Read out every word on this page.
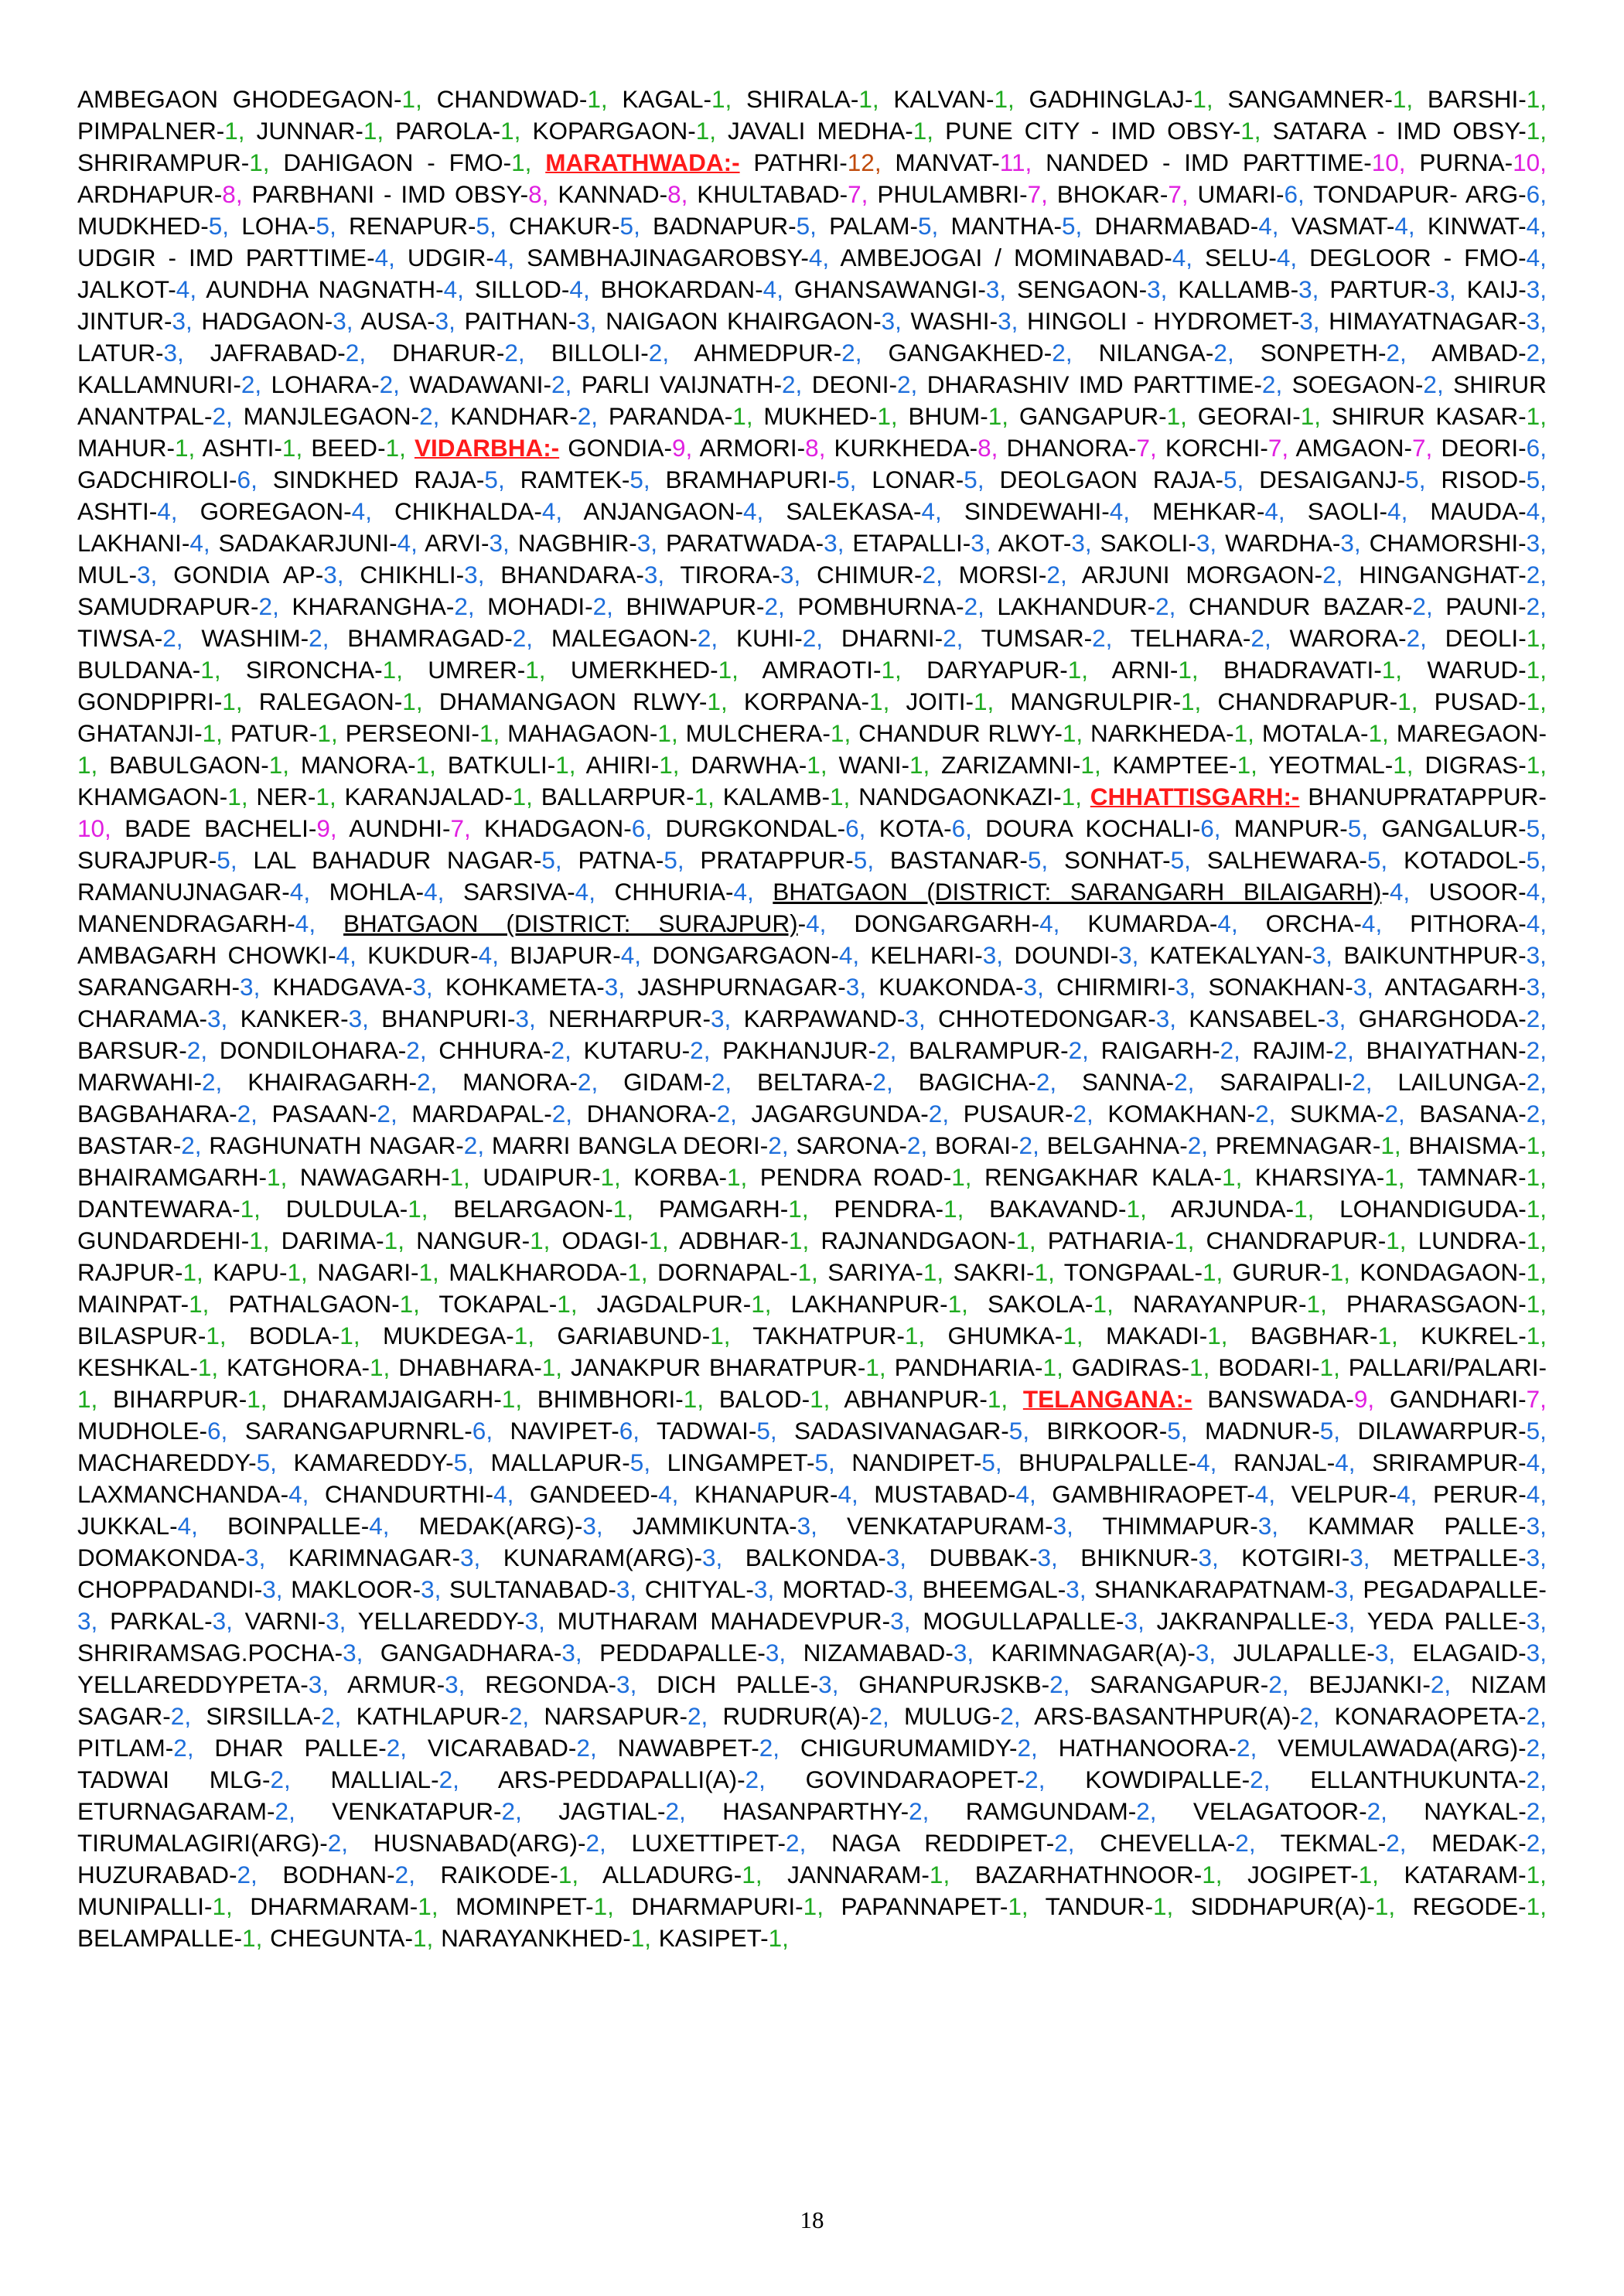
AMBEGAON GHODEGAON-1, CHANDWAD-1, KAGAL-1, SHIRALA-1, KALVAN-1, GADHINGLAJ-1, SANGAMNER-1, BARSHI-1, PIMPALNER-1, JUNNAR-1, PAROLA-1, KOPARGAON-1, JAVALI MEDHA-1, PUNE CITY - IMD OBSY-1, SATARA - IMD OBSY-1, SHRIRAMPUR-1, DAHIGAON - FMO-1, MARATHWADA:- PATHRI-12, MANVAT-11, NANDED - IMD PARTTIME-10, PURNA-10, ARDHAPUR-8, PARBHANI - IMD OBSY-8, KANNAD-8, KHULTABAD-7, PHULAMBRI-7, BHOKAR-7, UMARI-6, TONDAPUR- ARG-6, MUDKHED-5, LOHA-5, RENAPUR-5, CHAKUR-5, BADNAPUR-5, PALAM-5, MANTHA-5, DHARMABAD-4, VASMAT-4, KINWAT-4, UDGIR - IMD PARTTIME-4, UDGIR-4, SAMBHAJINAGAROBSY-4, AMBEJOGAI / MOMINABAD-4, SELU-4, DEGLOOR - FMO-4, JALKOT-4, AUNDHA NAGNATH-4, SILLOD-4, BHOKARDAN-4, GHANSAWANGI-3, SENGAON-3, KALLAMB-3, PARTUR-3, KAIJ-3, JINTUR-3, HADGAON-3, AUSA-3, PAITHAN-3, NAIGAON KHAIRGAON-3, WASHI-3, HINGOLI - HYDROMET-3, HIMAYATNAGAR-3, LATUR-3, JAFRABAD-2, DHARUR-2, BILLOLI-2, AHMEDPUR-2, GANGAKHED-2, NILANGA-2, SONPETH-2, AMBAD-2, KALLAMNURI-2, LOHARA-2, WADAWANI-2, PARLI VAIJNATH-2, DEONI-2, DHARASHIV IMD PARTTIME-2, SOEGAON-2, SHIRUR ANANTPAL-2, MANJLEGAON-2, KANDHAR-2, PARANDA-1, MUKHED-1, BHUM-1, GANGAPUR-1, GEORAI-1, SHIRUR KASAR-1, MAHUR-1, ASHTI-1, BEED-1, VIDARBHA:- GONDIA-9, ARMORI-8, KURKHEDA-8, DHANORA-7, KORCHI-7, AMGAON-7, DEORI-6, GADCHIROLI-6, SINDKHED RAJA-5, RAMTEK-5, BRAMHAPURI-5, LONAR-5, DEOLGAON RAJA-5, DESAIGANJ-5, RISOD-5, ASHTI-4, GOREGAON-4, CHIKHALDA-4, ANJANGAON-4, SALEKASA-4, SINDEWAHI-4, MEHKAR-4, SAOLI-4, MAUDA-4, LAKHANI-4, SADAKARJUNI-4, ARVI-3, NAGBHIR-3, PARATWADA-3, ETAPALLI-3, AKOT-3, SAKOLI-3, WARDHA-3, CHAMORSHI-3, MUL-3, GONDIA AP-3, CHIKHLI-3, BHANDARA-3, TIRORA-3, CHIMUR-2, MORSI-2, ARJUNI MORGAON-2, HINGANGHAT-2, SAMUDRAPUR-2, KHARANGHA-2, MOHADI-2, BHIWAPUR-2, POMBHURNA-2, LAKHANDUR-2, CHANDUR BAZAR-2, PAUNI-2, TIWSA-2, WASHIM-2, BHAMRAGAD-2, MALEGAON-2, KUHI-2, DHARNI-2, TUMSAR-2, TELHARA-2, WARORA-2, DEOLI-1, BULDANA-1, SIRONCHA-1, UMRER-1, UMERKHED-1, AMRAOTI-1, DARYAPUR-1, ARNI-1, BHADRAVATI-1, WARUD-1, GONDPIPRI-1, RALEGAON-1, DHAMANGAON RLWY-1, KORPANA-1, JOITI-1, MANGRULPIR-1, CHANDRAPUR-1, PUSAD-1, GHATANJI-1, PATUR-1, PERSEONI-1, MAHAGAON-1, MULCHERA-1, CHANDUR RLWY-1, NARKHEDA-1, MOTALA-1, MAREGAON-1, BABULGAON-1, MANORA-1, BATKULI-1, AHIRI-1, DARWHA-1, WANI-1, ZARIZAMNI-1, KAMPTEE-1, YEOTMAL-1, DIGRAS-1, KHAMGAON-1, NER-1, KARANJALAD-1, BALLARPUR-1, KALAMB-1, NANDGAONKAZI-1, CHHATTISGARH:- BHANUPRATAPPUR-10, BADE BACHELI-9, AUNDHI-7, KHADGAON-6, DURGKONDAL-6, KOTA-6, DOURA KOCHALI-6, MANPUR-5, GANGALUR-5, SURAJPUR-5, LAL BAHADUR NAGAR-5, PATNA-5, PRATAPPUR-5, BASTANAR-5, SONHAT-5, SALHEWARA-5, KOTADOL-5, RAMANUJNAGAR-4, MOHLA-4, SARSIVA-4, CHHURIA-4, BHATGAON (DISTRICT: SARANGARH BILAIGARH)-4, USOOR-4, MANENDRAGARH-4, BHATGAON (DISTRICT: SURAJPUR)-4, DONGARGARH-4, KUMARDA-4, ORCHA-4, PITHORA-4, AMBAGARH CHOWKI-4, KUKDUR-4, BIJAPUR-4, DONGARGAON-4, KELHARI-3, DOUNDI-3, KATEKALYAN-3, BAIKUNTHPUR-3, SARANGARH-3, KHADGAVA-3, KOHKAMETA-3, JASHPURNAGAR-3, KUAKONDA-3, CHIRMIRI-3, SONAKHAN-3, ANTAGARH-3, CHARAMA-3, KANKER-3, BHANPURI-3, NERHARPUR-3, KARPAWAND-3, CHHOTEDONGAR-3, KANSABEL-3, GHARGHODA-2, BARSUR-2, DONDILOHARA-2, CHHURA-2, KUTARU-2, PAKHANJUR-2, BALRAMPUR-2, RAIGARH-2, RAJIM-2, BHAIYATHAN-2, MARWAHI-2, KHAIRAGARH-2, MANORA-2, GIDAM-2, BELTARA-2, BAGICHA-2, SANNA-2, SARAIPALI-2, LAILUNGA-2, BAGBAHARA-2, PASAAN-2, MARDAPAL-2, DHANORA-2, JAGARGUNDA-2, PUSAUR-2, KOMAKHAN-2, SUKMA-2, BASANA-2, BASTAR-2, RAGHUNATH NAGAR-2, MARRI BANGLA DEORI-2, SARONA-2, BORAI-2, BELGAHNA-2, PREMNAGAR-1, BHAISMA-1, BHAIRAMGARH-1, NAWAGARH-1, UDAIPUR-1, KORBA-1, PENDRA ROAD-1, RENGAKHAR KALA-1, KHARSIYA-1, TAMNAR-1, DANTEWARA-1, DULDULA-1, BELARGAON-1, PAMGARH-1, PENDRA-1, BAKAVAND-1, ARJUNDA-1, LOHANDIGUDA-1, GUNDARDEHI-1, DARIMA-1, NANGUR-1, ODAGI-1, ADBHAR-1, RAJNANDGAON-1, PATHARIA-1, CHANDRAPUR-1, LUNDRA-1, RAJPUR-1, KAPU-1, NAGARI-1, MALKHARODA-1, DORNAPAL-1, SARIYA-1, SAKRI-1, TONGPAAL-1, GURUR-1, KONDAGAON-1, MAINPAT-1, PATHALGAON-1, TOKAPAL-1, JAGDALPUR-1, LAKHANPUR-1, SAKOLA-1, NARAYANPUR-1, PHARASGAON-1, BILASPUR-1, BODLA-1, MUKDEGA-1, GARIABUND-1, TAKHATPUR-1, GHUMKA-1, MAKADI-1, BAGBHAR-1, KUKREL-1, KESHKAL-1, KATGHORA-1, DHABHARA-1, JANAKPUR BHARATPUR-1, PANDHARIA-1, GADIRAS-1, BODARI-1, PALLARI/PALARI-1, BIHARPUR-1, DHARAMJAIGARH-1, BHIMBHORI-1, BALOD-1, ABHANPUR-1, TELANGANA:- BANSWADA-9, GANDHARI-7, MUDHOLE-6, SARANGAPURNRL-6, NAVIPET-6, TADWAI-5, SADASIVANAGAR-5, BIRKOOR-5, MADNUR-5, DILAWARPUR-5, MACHAREDDY-5, KAMAREDDY-5, MALLAPUR-5, LINGAMPET-5, NANDIPET-5, BHUPALPALLE-4, RANJAL-4, SRIRAMPUR-4, LAXMANCHANDA-4, CHANDURTHI-4, GANDEED-4, KHANAPUR-4, MUSTABAD-4, GAMBHIRAOPET-4, VELPUR-4, PERUR-4, JUKKAL-4, BOINPALLE-4, MEDAK(ARG)-3, JAMMIKUNTA-3, VENKATAPURAM-3, THIMMAPUR-3, KAMMAR PALLE-3, DOMAKONDA-3, KARIMNAGAR-3, KUNARAM(ARG)-3, BALKONDA-3, DUBBAK-3, BHIKNUR-3, KOTGIRI-3, METPALLE-3, CHOPPADANDI-3, MAKLOOR-3, SULTANABAD-3, CHITYAL-3, MORTAD-3, BHEEMGAL-3, SHANKARAPATNAM-3, PEGADAPALLE-3, PARKAL-3, VARNI-3, YELLAREDDY-3, MUTHARAM MAHADEVPUR-3, MOGULLAPALLE-3, JAKRANPALLE-3, YEDA PALLE-3, SHRIRAMSAG.POCHA-3, GANGADHARA-3, PEDDAPALLE-3, NIZAMABAD-3, KARIMNAGAR(A)-3, JULAPALLE-3, ELAGAID-3, YELLAREDDYPETA-3, ARMUR-3, REGONDA-3, DICH PALLE-3, GHANPURJSKB-2, SARANGAPUR-2, BEJJANKI-2, NIZAM SAGAR-2, SIRSILLA-2, KATHLAPUR-2, NARSAPUR-2, RUDRUR(A)-2, MULUG-2, ARS-BASANTHPUR(A)-2, KONARAOPETA-2, PITLAM-2, DHAR PALLE-2, VICARABAD-2, NAWABPET-2, CHIGURUMAMIDY-2, HATHANOORA-2, VEMULAWADA(ARG)-2, TADWAI MLG-2, MALLIAL-2, ARS-PEDDAPALLI(A)-2, GOVINDARAOPET-2, KOWDIPALLE-2, ELLANTHUKUNTA-2, ETURNAGARAM-2, VENKATAPUR-2, JAGTIAL-2, HASANPARTHY-2, RAMGUNDAM-2, VELAGATOOR-2, NAYKAL-2, TIRUMALAGIRI(ARG)-2, HUSNABAD(ARG)-2, LUXETTIPET-2, NAGA REDDIPET-2, CHEVELLA-2, TEKMAL-2, MEDAK-2, HUZURABAD-2, BODHAN-2, RAIKODE-1, ALLADURG-1, JANNARAM-1, BAZARHATHNOOR-1, JOGIPET-1, KATARAM-1, MUNIPALLI-1, DHARMARAM-1, MOMINPET-1, DHARMAPURI-1, PAPANNAPET-1, TANDUR-1, SIDDHAPUR(A)-1, REGODE-1, BELAMPALLE-1, CHEGUNTA-1, NARAYANKHED-1, KASIPET-1,
18
